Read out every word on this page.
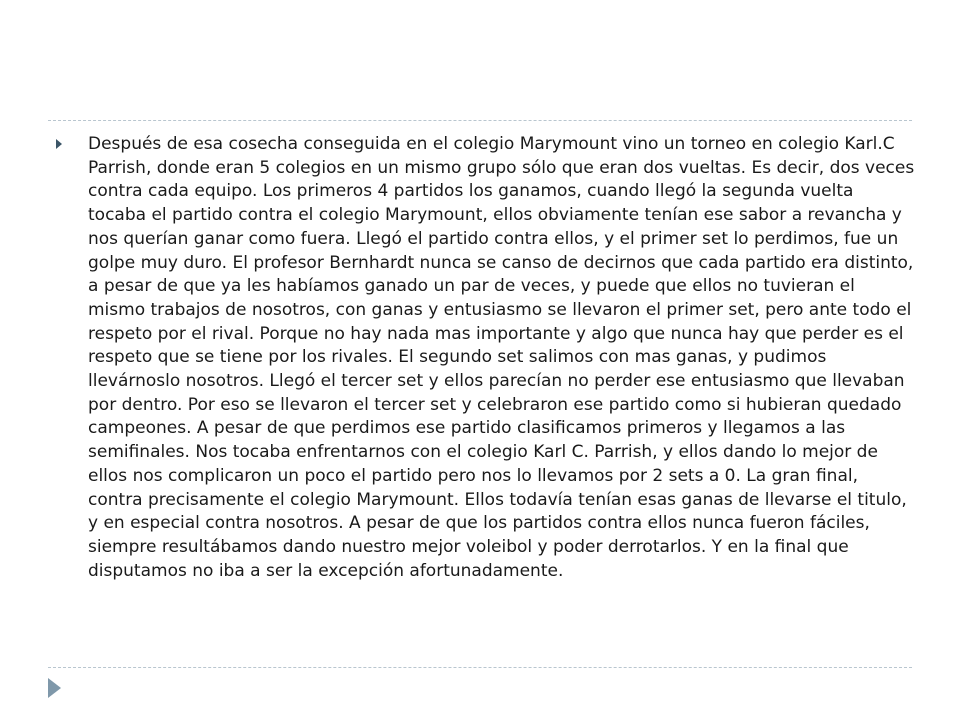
Después de esa cosecha conseguida en el colegio Marymount vino un torneo en colegio Karl.C Parrish, donde eran 5 colegios en un mismo grupo sólo que eran dos vueltas. Es decir, dos veces contra cada equipo. Los primeros 4 partidos los ganamos, cuando llegó la segunda vuelta tocaba el partido contra el colegio Marymount, ellos obviamente tenían ese sabor a revancha y nos querían ganar como fuera. Llegó el partido contra ellos, y el primer set lo perdimos, fue un golpe muy duro. El profesor Bernhardt nunca se canso de decirnos que cada partido era distinto, a pesar de que ya les habíamos ganado un par de veces, y puede que ellos no tuvieran el mismo trabajos de nosotros, con ganas y entusiasmo se llevaron el primer set, pero ante todo el respeto por el rival. Porque no hay nada mas importante y algo que nunca hay que perder es el respeto que se tiene por los rivales. El segundo set salimos con mas ganas, y pudimos llevárnoslo nosotros. Llegó el tercer set y ellos parecían no perder ese entusiasmo que llevaban por dentro. Por eso se llevaron el tercer set y celebraron ese partido como si hubieran quedado campeones. A pesar de que perdimos ese partido clasificamos primeros y llegamos a las semifinales. Nos tocaba enfrentarnos con el colegio Karl C. Parrish, y ellos dando lo mejor de ellos nos complicaron un poco el partido pero nos lo llevamos por 2 sets a 0. La gran final, contra precisamente el colegio Marymount. Ellos todavía tenían esas ganas de llevarse el titulo, y en especial contra nosotros. A pesar de que los partidos contra ellos nunca fueron fáciles, siempre resultábamos dando nuestro mejor voleibol y poder derrotarlos. Y en la final que disputamos no iba a ser la excepción afortunadamente.
